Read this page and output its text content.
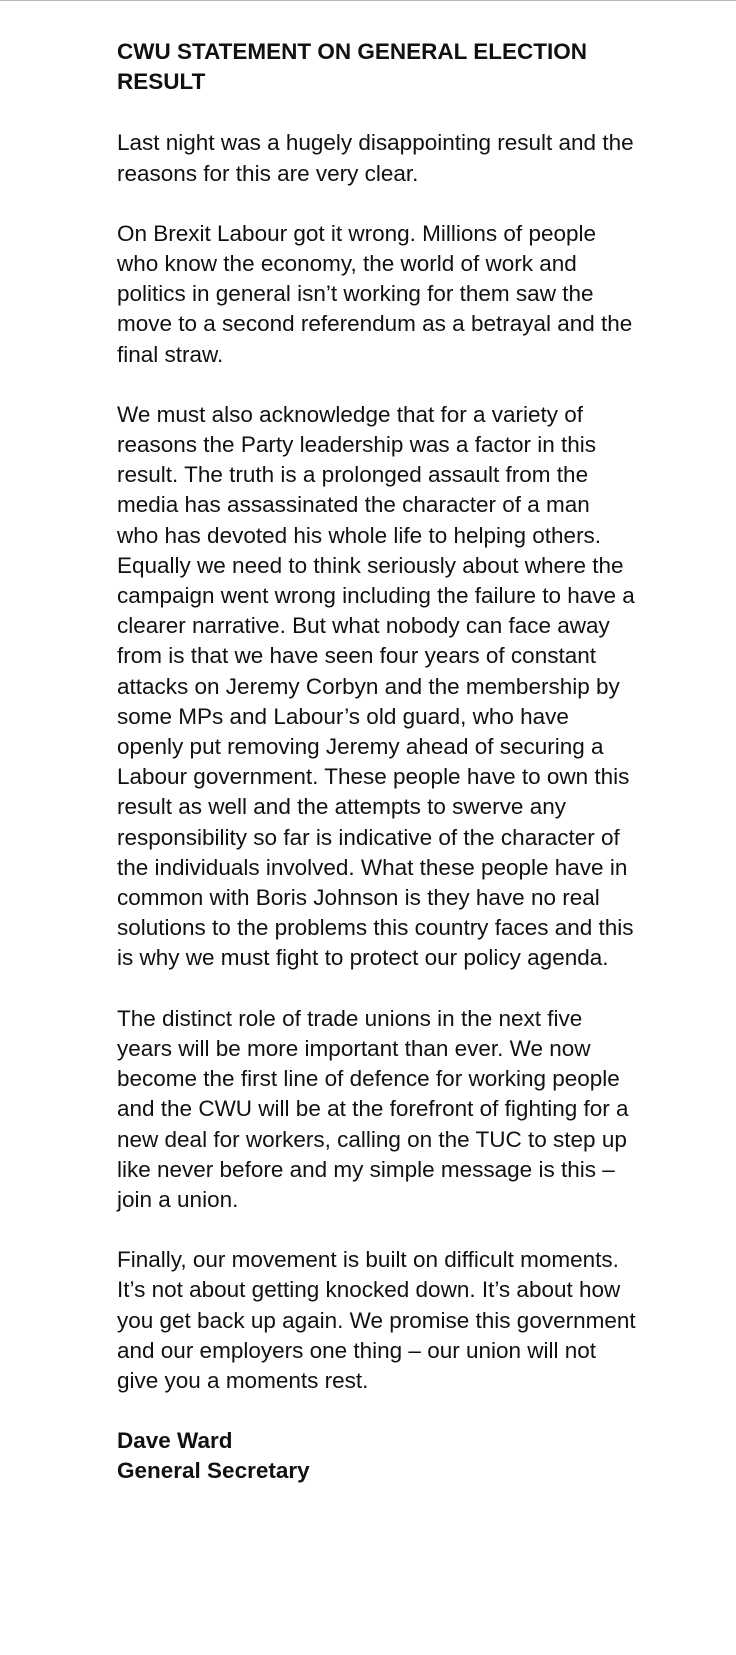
CWU STATEMENT ON GENERAL ELECTION RESULT

Last night was a hugely disappointing result and the reasons for this are very clear.

On Brexit Labour got it wrong. Millions of people who know the economy, the world of work and politics in general isn’t working for them saw the move to a second referendum as a betrayal and the final straw.

We must also acknowledge that for a variety of reasons the Party leadership was a factor in this result. The truth is a prolonged assault from the media has assassinated the character of a man who has devoted his whole life to helping others. Equally we need to think seriously about where the campaign went wrong including the failure to have a clearer narrative. But what nobody can face away from is that we have seen four years of constant attacks on Jeremy Corbyn and the membership by some MPs and Labour’s old guard, who have openly put removing Jeremy ahead of securing a Labour government. These people have to own this result as well and the attempts to swerve any responsibility so far is indicative of the character of the individuals involved. What these people have in common with Boris Johnson is they have no real solutions to the problems this country faces and this is why we must fight to protect our policy agenda.

The distinct role of trade unions in the next five years will be more important than ever. We now become the first line of defence for working people and the CWU will be at the forefront of fighting for a new deal for workers, calling on the TUC to step up like never before and my simple message is this – join a union.

Finally, our movement is built on difficult moments. It’s not about getting knocked down. It’s about how you get back up again. We promise this government and our employers one thing – our union will not give you a moments rest.

Dave Ward
General Secretary
